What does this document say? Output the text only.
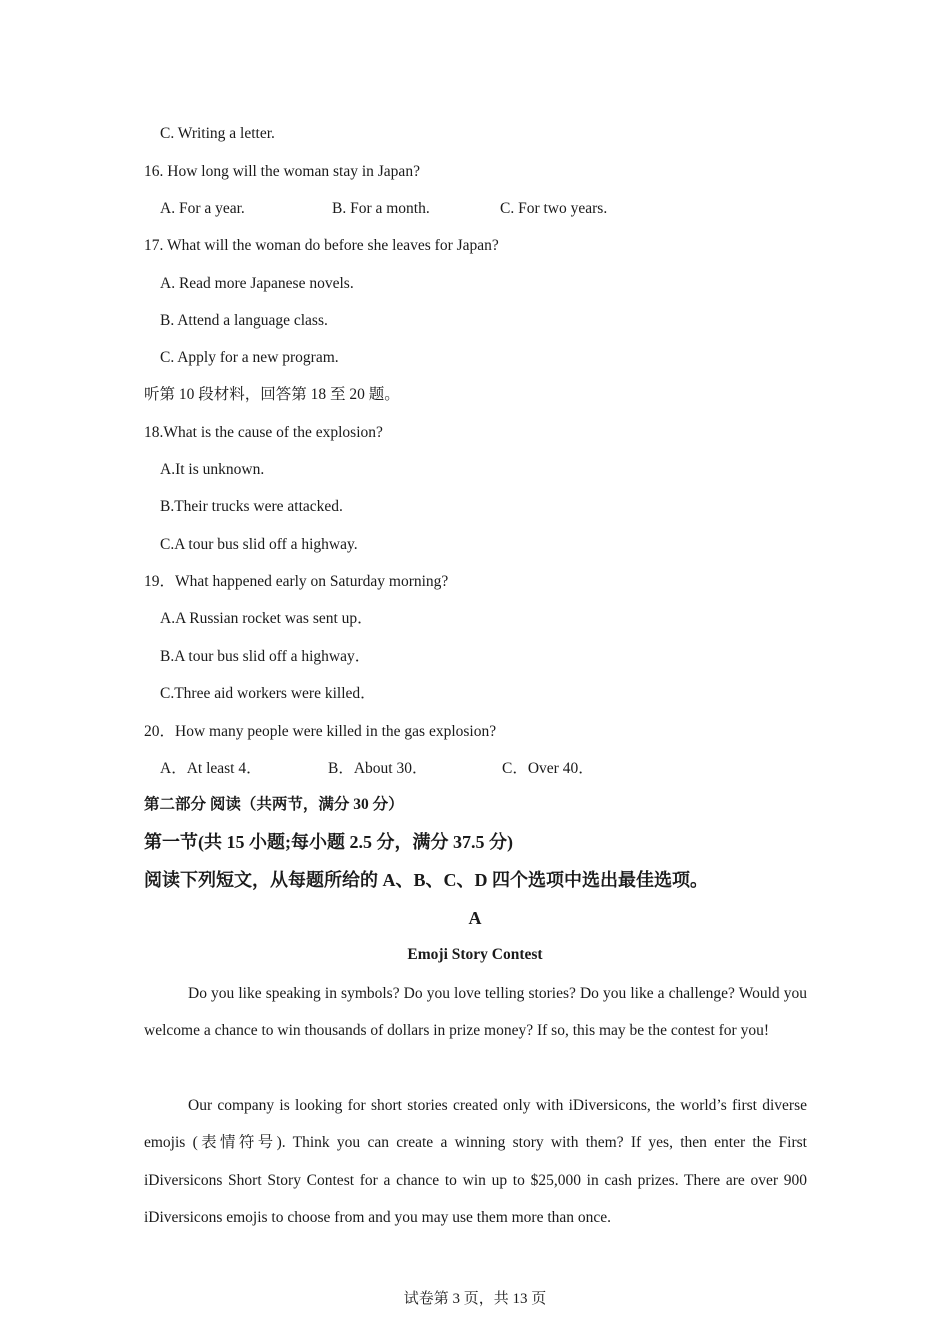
C. Writing a letter.
16. How long will the woman stay in Japan?
A. For a year.	B. For a month.	C. For two years.
17. What will the woman do before she leaves for Japan?
A. Read more Japanese novels.
B. Attend a language class.
C. Apply for a new program.
听第 10 段材料，回答第 18 至 20 题。
18.What is the cause of the explosion?
A.It is unknown.
B.Their trucks were attacked.
C.A tour bus slid off a highway.
19．What happened early on Saturday morning?
A.A Russian rocket was sent up．
B.A tour bus slid off a highway．
C.Three aid workers were killed．
20．How many people were killed in the gas explosion?
A．At least 4．	B．About 30．	C．Over 40．
第二部分 阅读（共两节，满分 30 分）
第一节(共 15 小题;每小题 2.5 分，满分 37.5 分)
阅读下列短文，从每题所给的 A、B、C、D 四个选项中选出最佳选项。
A
Emoji Story Contest

Do you like speaking in symbols? Do you love telling stories? Do you like a challenge? Would you welcome a chance to win thousands of dollars in prize money? If so, this may be the contest for you!

Our company is looking for short stories created only with iDiversicons, the world’s first diverse emojis (表情符号). Think you can create a winning story with them? If yes, then enter the First iDiversicons Short Story Contest for a chance to win up to $25,000 in cash prizes. There are over 900 iDiversicons emojis to choose from and you may use them more than once.

试卷第 3 页，共 13 页
